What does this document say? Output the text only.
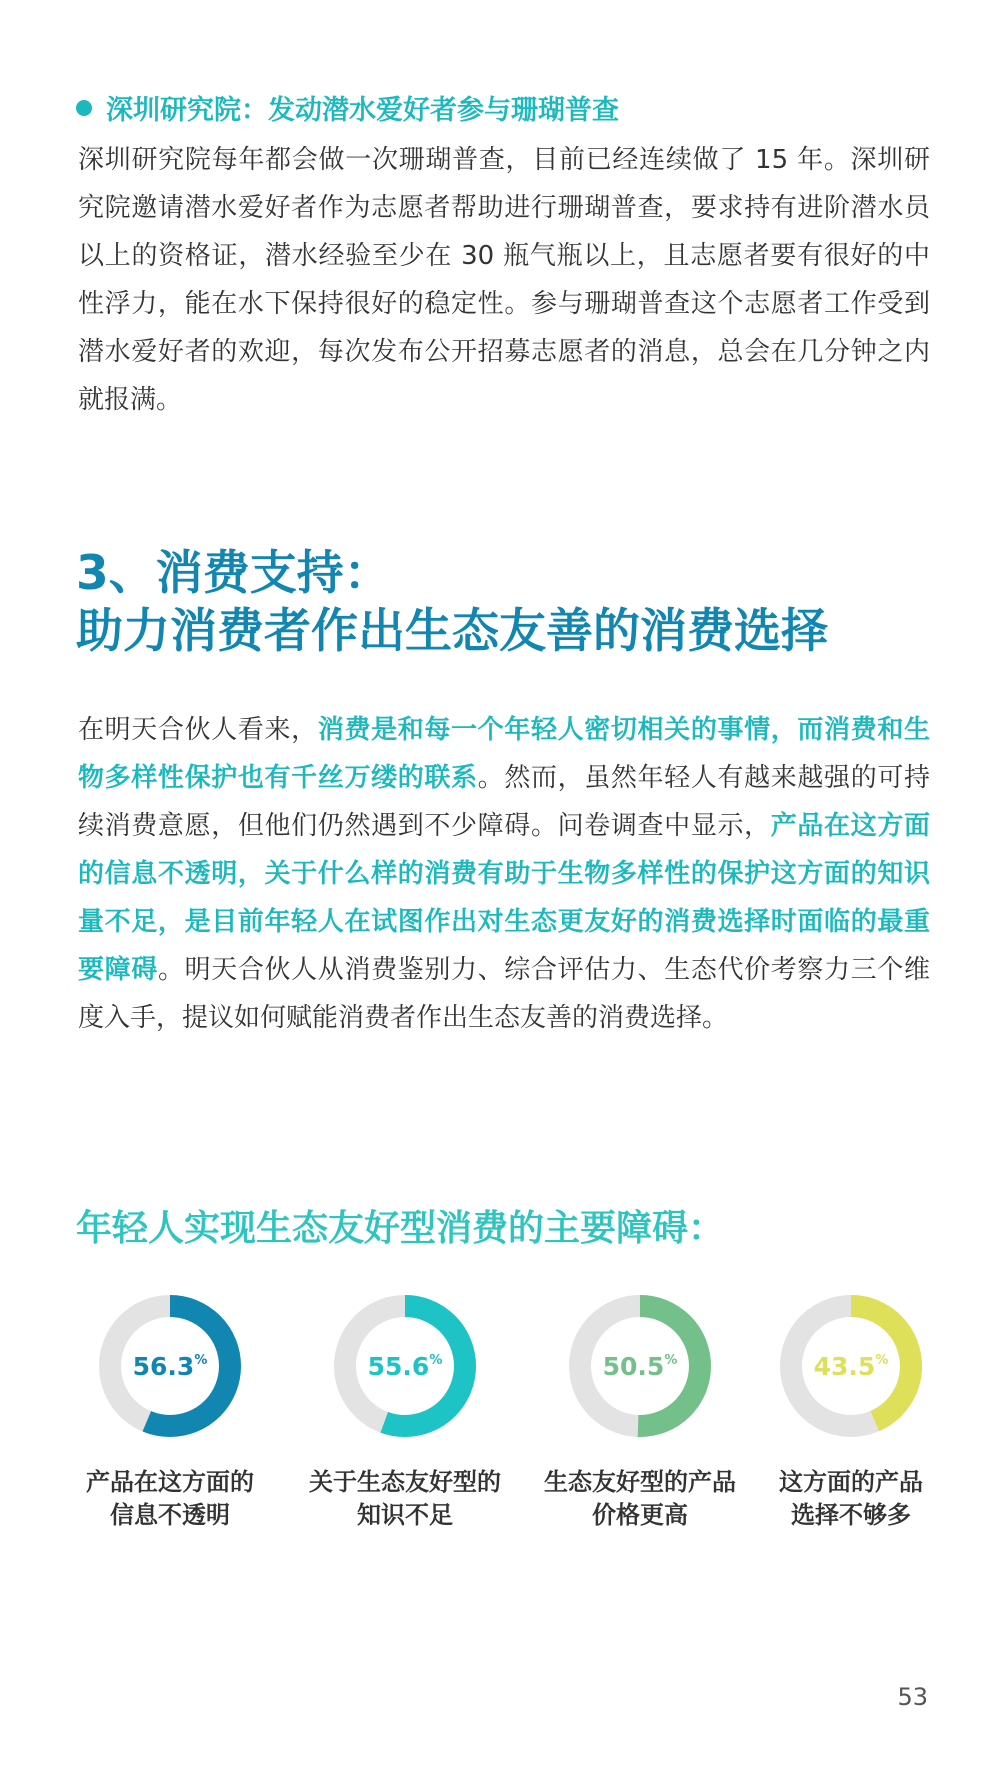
深圳研究院：发动潜水爱好者参与珊瑚普查

深圳研究院每年都会做一次珊瑚普查，目前已经连续做了 15 年。深圳研究院邀请潜水爱好者作为志愿者帮助进行珊瑚普查，要求持有进阶潜水员以上的资格证，潜水经验至少在 30 瓶气瓶以上，且志愿者要有很好的中性浮力，能在水下保持很好的稳定性。参与珊瑚普查这个志愿者工作受到潜水爱好者的欢迎，每次发布公开招募志愿者的消息，总会在几分钟之内就报满。

3、消费支持：
助力消费者作出生态友善的消费选择

在明天合伙人看来，消费是和每一个年轻人密切相关的事情，而消费和生物多样性保护也有千丝万缕的联系。然而，虽然年轻人有越来越强的可持续消费意愿，但他们仍然遇到不少障碍。问卷调查中显示，产品在这方面的信息不透明，关于什么样的消费有助于生物多样性的保护这方面的知识量不足，是目前年轻人在试图作出对生态更友好的消费选择时面临的最重要障碍。明天合伙人从消费鉴别力、综合评估力、生态代价考察力三个维度入手，提议如何赋能消费者作出生态友善的消费选择。

年轻人实现生态友好型消费的主要障碍：
56.3%
产品在这方面的
信息不透明
55.6%
关于生态友好型的
知识不足
50.5%
生态友好型的产品
价格更高
43.5%
这方面的产品
选择不够多
53
